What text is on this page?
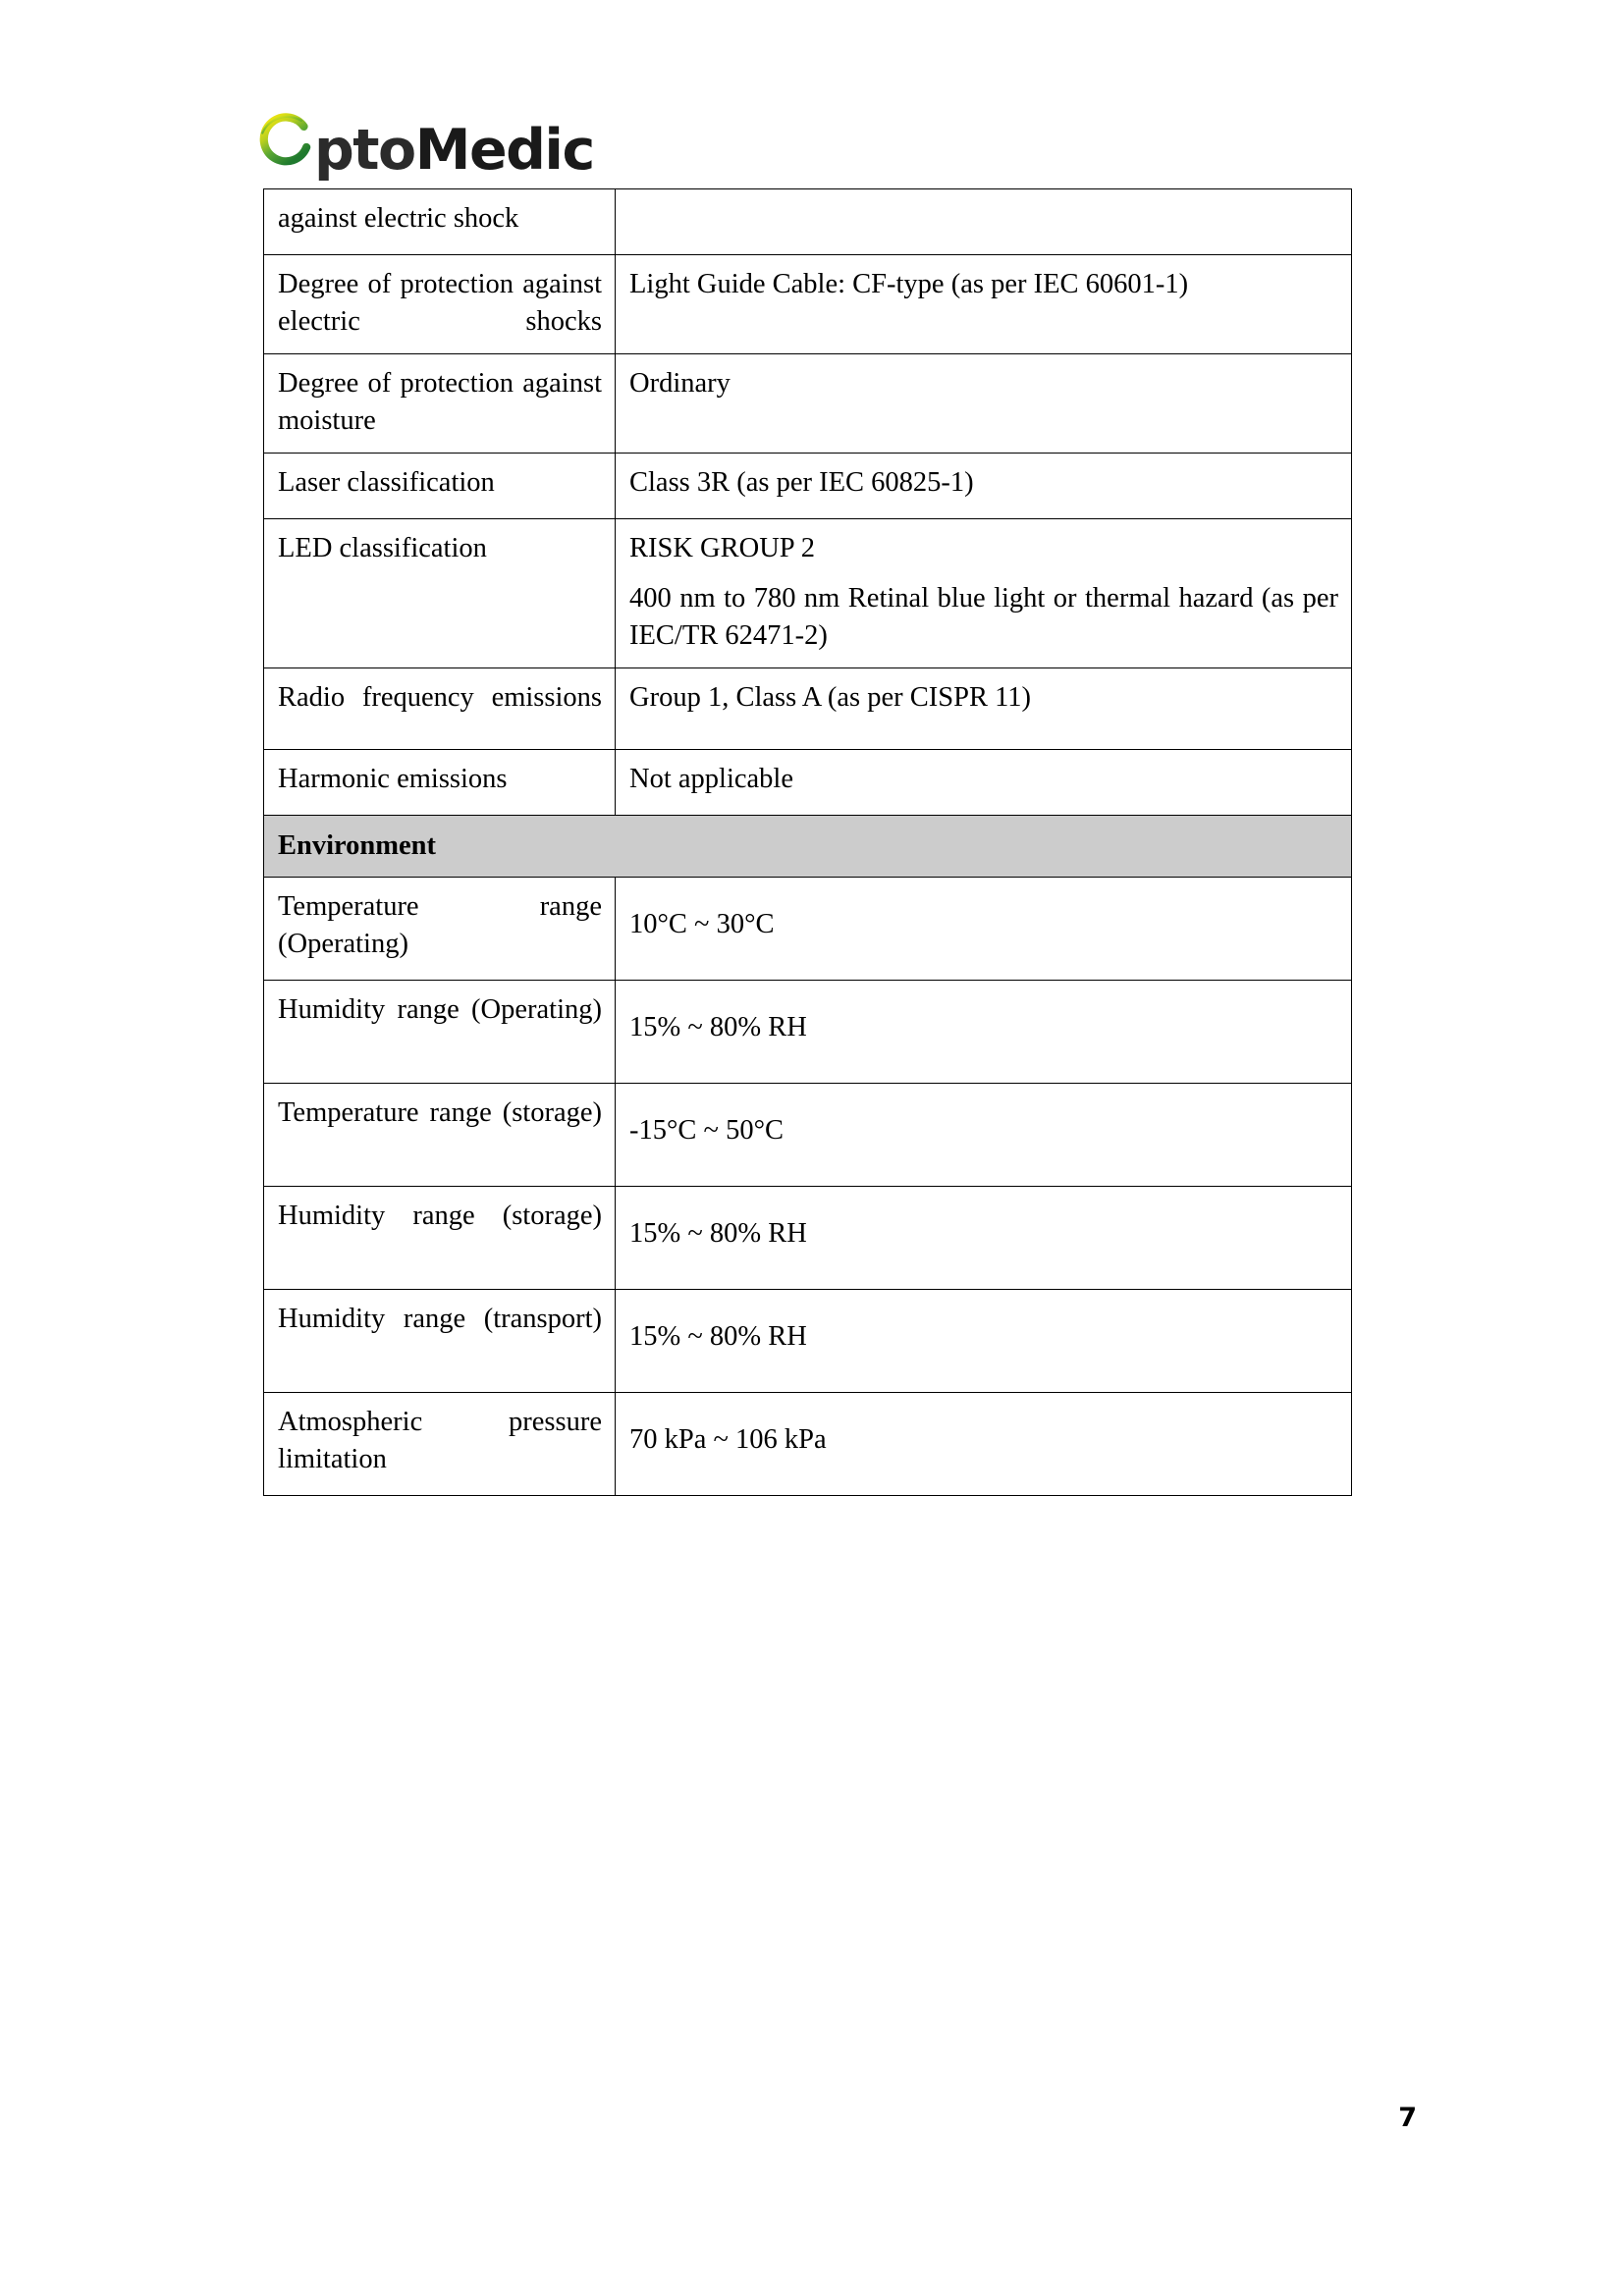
ptoMedic
against electric shock	

Degree of protection against electric shocks	Light Guide Cable: CF-type (as per IEC 60601-1)

Degree of protection against moisture	Ordinary

Laser classification	Class 3R (as per IEC 60825-1)

LED classification	RISK GROUP 2
400 nm to 780 nm Retinal blue light or thermal hazard (as per IEC/TR 62471-2)

Radio frequency emissions	Group 1, Class A (as per CISPR 11)

Harmonic emissions	Not applicable

Environment	

Temperature range (Operating)	10°C ~ 30°C

Humidity range (Operating)	15% ~ 80% RH

Temperature range (storage)	-15°C ~ 50°C

Humidity range (storage)	15% ~ 80% RH

Humidity range (transport)	15% ~ 80% RH

Atmospheric pressure limitation	70 kPa ~ 106 kPa
7
